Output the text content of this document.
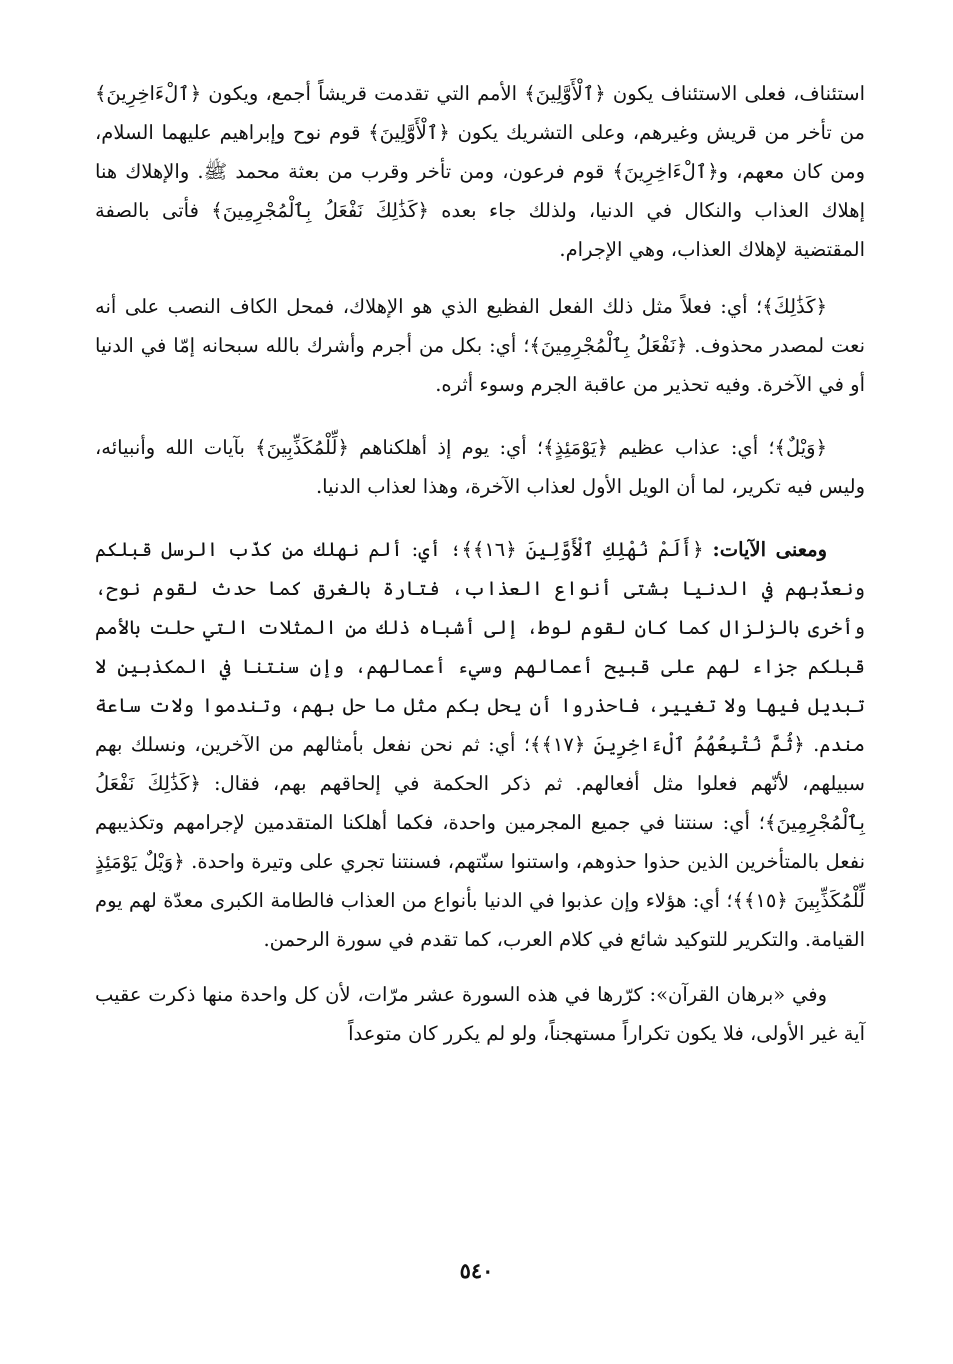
استئناف، فعلى الاستئناف يكون ﴿ٱلْأَوَّلِينَ﴾ الأمم التي تقدمت قريشاً أجمع، ويكون ﴿ٱلْءَاخِرِينَ﴾ من تأخر من قريش وغيرهم، وعلى التشريك يكون ﴿ٱلْأَوَّلِينَ﴾ قوم نوح وإبراهيم عليهما السلام، ومن كان معهم، و﴿ٱلْءَاخِرِينَ﴾ قوم فرعون، ومن تأخر وقرب من بعثة محمد ﷺ. والإهلاك هنا إهلاك العذاب والنكال في الدنيا، ولذلك جاء بعده ﴿كَذَٰلِكَ نَفْعَلُ بِٱلْمُجْرِمِينَ﴾ فأتى بالصفة المقتضية لإهلاك العذاب، وهي الإجرام.

﴿كَذَٰلِكَ﴾؛ أي: فعلاً مثل ذلك الفعل الفظيع الذي هو الإهلاك، فمحل الكاف النصب على أنه نعت لمصدر محذوف. ﴿نَفْعَلُ بِٱلْمُجْرِمِينَ﴾؛ أي: بكل من أجرم وأشرك بالله سبحانه إمّا في الدنيا أو في الآخرة. وفيه تحذير من عاقبة الجرم وسوء أثره.

﴿وَيْلٌ﴾؛ أي: عذاب عظيم ﴿يَوْمَئِذٍ﴾؛ أي: يوم إذ أهلكناهم ﴿لِّلْمُكَذِّبِينَ﴾ بآيات الله وأنبيائه، وليس فيه تكرير، لما أن الويل الأول لعذاب الآخرة، وهذا لعذاب الدنيا.

ومعنى الآيات: ﴿أَلَمْ نُهْلِكِ ٱلْأَوَّلِينَ ﴿١٦﴾﴾؛ أي: ألم نهلك من كذّب الرسل قبلكم ونعذّبهم في الدنيا بشتى أنواع العذاب، فتارة بالغرق كما حدث لقوم نوح، وأخرى بالزلزال كما كان لقوم لوط، إلى أشباه ذلك من المثلات التي حلت بالأمم قبلكم جزاء لهم على قبيح أعمالهم وسيء أعمالهم، وإن سنتنا في المكذبين لا تبديل فيها ولا تغيير، فاحذروا أن يحل بكم مثل ما حل بهم، وتندموا ولات ساعة مندم. ﴿ثُمَّ نُتْبِعُهُمُ ٱلْءَاخِرِينَ ﴿١٧﴾﴾؛ أي: ثم نحن نفعل بأمثالهم من الآخرين، ونسلك بهم سبيلهم، لأنّهم فعلوا مثل أفعالهم. ثم ذكر الحكمة في إلحاقهم بهم، فقال: ﴿كَذَٰلِكَ نَفْعَلُ بِٱلْمُجْرِمِينَ﴾؛ أي: سنتنا في جميع المجرمين واحدة، فكما أهلكنا المتقدمين لإجرامهم وتكذيبهم نفعل بالمتأخرين الذين حذوا حذوهم، واستنوا سنّتهم، فسنتنا تجري على وتيرة واحدة. ﴿وَيْلٌ يَوْمَئِذٍ لِّلْمُكَذِّبِينَ ﴿١٥﴾﴾؛ أي: هؤلاء وإن عذبوا في الدنيا بأنواع من العذاب فالطامة الكبرى معدّة لهم يوم القيامة. والتكرير للتوكيد شائع في كلام العرب، كما تقدم في سورة الرحمن.

وفي «برهان القرآن»: كرّرها في هذه السورة عشر مرّات، لأن كل واحدة منها ذكرت عقيب آية غير الأولى، فلا يكون تكراراً مستهجناً، ولو لم يكرر كان متوعداً

٥٤٠
